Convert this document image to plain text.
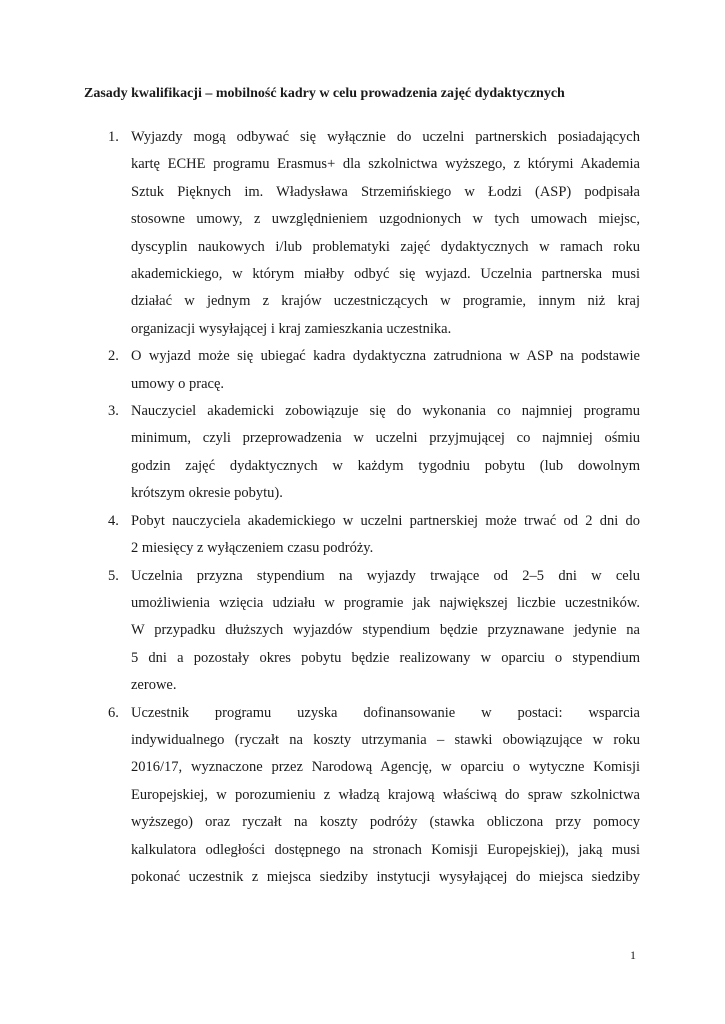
Zasady kwalifikacji – mobilność kadry w celu prowadzenia zajęć dydaktycznych
1. Wyjazdy mogą odbywać się wyłącznie do uczelni partnerskich posiadających
kartę ECHE programu Erasmus+ dla szkolnictwa wyższego, z którymi Akademia
Sztuk Pięknych im. Władysława Strzemińskiego w Łodzi (ASP) podpisała
stosowne umowy, z uwzględnieniem uzgodnionych w tych umowach miejsc,
dyscyplin naukowych i/lub problematyki zajęć dydaktycznych w ramach roku
akademickiego, w którym miałby odbyć się wyjazd. Uczelnia partnerska musi
działać w jednym z krajów uczestniczących w programie, innym niż kraj
organizacji wysyłającej i kraj zamieszkania uczestnika.
2. O wyjazd może się ubiegać kadra dydaktyczna zatrudniona w ASP na podstawie
umowy o pracę.
3. Nauczyciel akademicki zobowiązuje się do wykonania co najmniej programu
minimum, czyli przeprowadzenia w uczelni przyjmującej co najmniej ośmiu
godzin zajęć dydaktycznych w każdym tygodniu pobytu (lub dowolnym
krótszym okresie pobytu).
4. Pobyt nauczyciela akademickiego w uczelni partnerskiej może trwać od 2 dni do
2 miesięcy z wyłączeniem czasu podróży.
5. Uczelnia przyzna stypendium na wyjazdy trwające od 2–5 dni w celu
umożliwienia wzięcia udziału w programie jak największej liczbie uczestników.
W przypadku dłuższych wyjazdów stypendium będzie przyznawane jedynie na
5 dni a pozostały okres pobytu będzie realizowany w oparciu o stypendium
zerowe.
6. Uczestnik programu uzyska dofinansowanie w postaci: wsparcia
indywidualnego (ryczałt na koszty utrzymania – stawki obowiązujące w roku
2016/17, wyznaczone przez Narodową Agencję, w oparciu o wytyczne Komisji
Europejskiej, w porozumieniu z władzą krajową właściwą do spraw szkolnictwa
wyższego) oraz ryczałt na koszty podróży (stawka obliczona przy pomocy
kalkulatora odległości dostępnego na stronach Komisji Europejskiej), jaką musi
pokonać uczestnik z miejsca siedziby instytucji wysyłającej do miejsca siedziby
1
